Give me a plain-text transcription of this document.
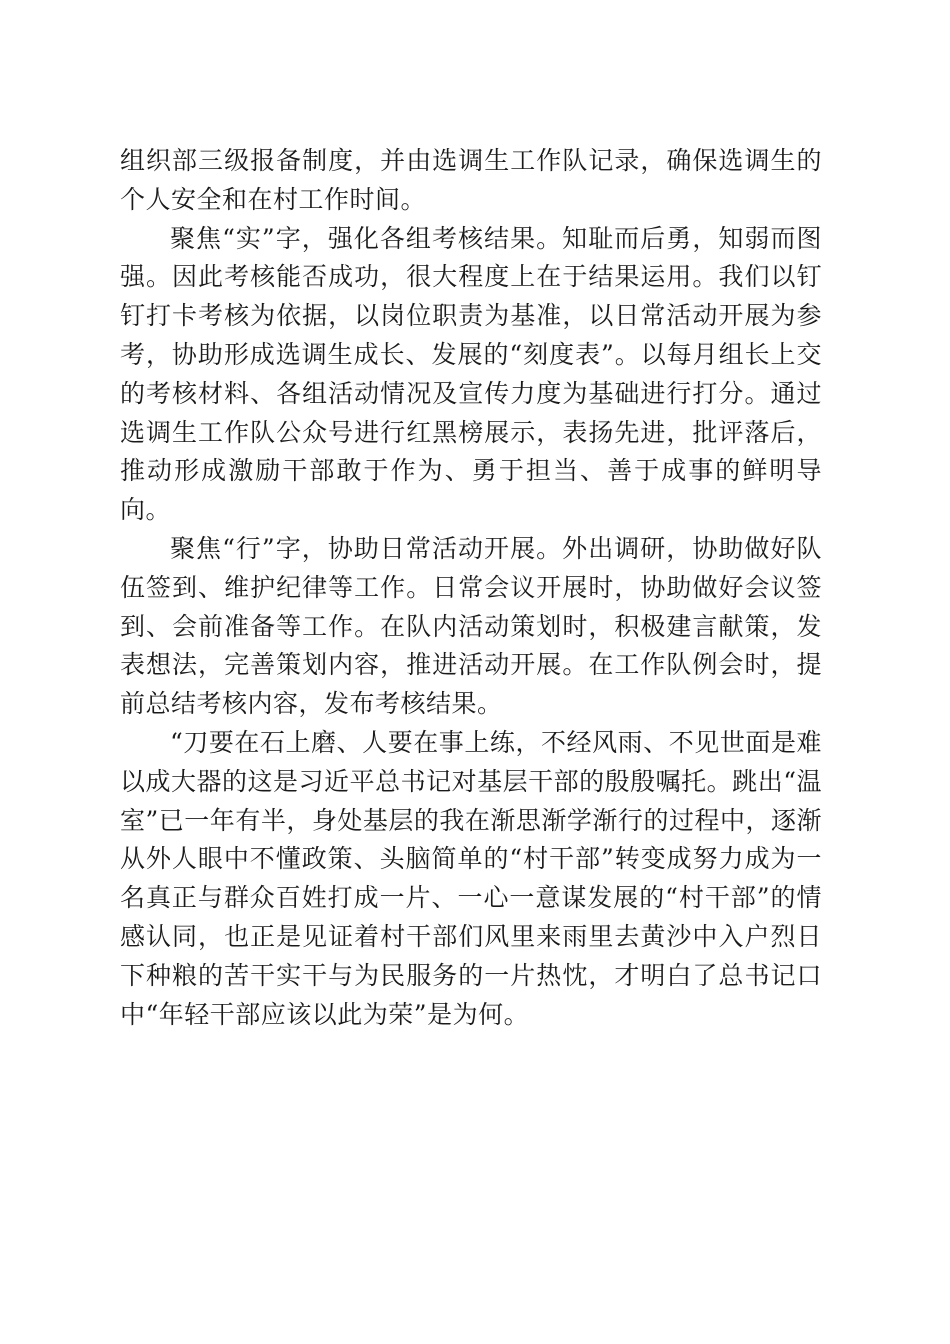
组织部三级报备制度，并由选调生工作队记录，确保选调生的个人安全和在村工作时间。

聚焦“实”字，强化各组考核结果。知耻而后勇，知弱而图强。因此考核能否成功，很大程度上在于结果运用。我们以钉钉打卡考核为依据，以岗位职责为基准，以日常活动开展为参考，协助形成选调生成长、发展的“刻度表”。以每月组长上交的考核材料、各组活动情况及宣传力度为基础进行打分。通过选调生工作队公众号进行红黑榜展示，表扬先进，批评落后，推动形成激励干部敢于作为、勇于担当、善于成事的鲜明导向。

聚焦“行”字，协助日常活动开展。外出调研，协助做好队伍签到、维护纪律等工作。日常会议开展时，协助做好会议签到、会前准备等工作。在队内活动策划时，积极建言献策，发表想法，完善策划内容，推进活动开展。在工作队例会时，提前总结考核内容，发布考核结果。

“刀要在石上磨、人要在事上练，不经风雨、不见世面是难以成大器的这是习近平总书记对基层干部的殷殷嘱托。跳出“温室”已一年有半，身处基层的我在渐思渐学渐行的过程中，逐渐从外人眼中不懂政策、头脑简单的“村干部”转变成努力成为一名真正与群众百姓打成一片、一心一意谋发展的“村干部”的情感认同，也正是见证着村干部们风里来雨里去黄沙中入户烈日下种粮的苦干实干与为民服务的一片热忱，才明白了总书记口中“年轻干部应该以此为荣”是为何。
